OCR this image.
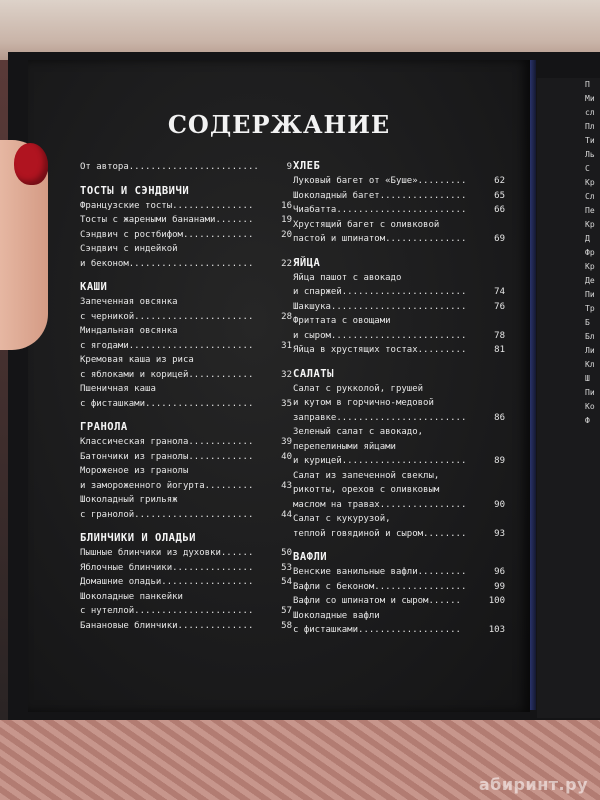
СОДЕРЖАНИЕ
От автора........................	9
ТОСТЫ И СЭНДВИЧИ
Французские тосты...............	16
Тосты с жареными бананами.......	19
Сэндвич с ростбифом.............	20
Сэндвич с индейкой
и беконом.......................	22
КАШИ
Запеченная овсянка
с черникой......................	28
Миндальная овсянка
с ягодами.......................	31
Кремовая каша из риса
с яблоками и корицей............	32
Пшеничная каша
с фисташками....................	35
ГРАНОЛА
Классическая гранола............	39
Батончики из гранолы............	40
Мороженое из гранолы
и замороженного йогурта.........	43
Шоколадный грильяж
с гранолой......................	44
БЛИНЧИКИ И ОЛАДЬИ
Пышные блинчики из духовки......	50
Яблочные блинчики...............	53
Домашние оладьи.................	54
Шоколадные панкейки
с нутеллой......................	57
Банановые блинчики..............	58
ХЛЕБ
Луковый багет от «Буше».........	62
Шоколадный багет................	65
Чиабатта........................	66
Хрустящий багет с оливковой
пастой и шпинатом...............	69
ЯЙЦА
Яйца пашот с авокадо
и спаржей.......................	74
Шакшука.........................	76
Фриттата с овощами
и сыром.........................	78
Яйца в хрустящих тостах.........	81
САЛАТЫ
Салат с рукколой, грушей
и кутом в горчично-медовой
заправке........................	86
Зеленый салат с авокадо,
перепелиными яйцами
и курицей.......................	89
Салат из запеченной свеклы,
рикотты, орехов с оливковым
маслом на травах................	90
Салат с кукурузой,
теплой говядиной и сыром........	93
ВАФЛИ
Венские ванильные вафли.........	96
Вафли с беконом.................	99
Вафли со шпинатом и сыром......	100
Шоколадные вафли
с фисташками...................	103
П
Ми
сл
Пл
Ти
Ль
С
Кр
Сл
Пе
Кр
Д
Фр
Кр
Де
Пи
Тр
Б
Бл
Ли
Кл
Ш
Пи
Ко
Ф
абиринт.ру
